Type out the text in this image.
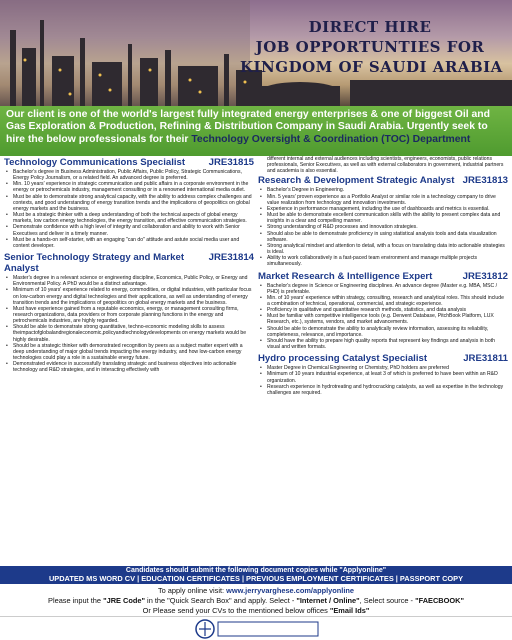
DIRECT HIRE
JOB OPPORTUNTIES FOR
KINGDOM OF SAUDI ARABIA
Our client is one of the world's largest fully integrated energy enterprises & one of biggest Oil and Gas Exploration & Production, Refining & Distribution Company in Saudi Arabia. Urgently seek to hire the below professionals for their Technology Oversight & Coordination (TOC) Department
Technology Communications Specialist JRE31815
• Bachelor's degree in Business Administration, Public Affairs, Public Policy, Strategic Communications, Energy Policy Journalism, or a related field. An advanced degree is preferred.
• Min. 10 years' experience in strategic communication and public affairs in a corporate environment in the energy or petrochemicals industry, management consulting or in a renowned international media outlet.
• Must be able to demonstrate strong analytical capacity, with the ability to address complex challenges and contexts, and good understanding of energy transition trends and the implications of geopolitics on global energy markets and the business.
• Must be a strategic thinker with a deep understanding of both the technical aspects of global energy markets, low carbon energy technologies, the energy transition, and effective communication strategies.
• Demonstrate confidence with a high level of integrity and collaboration and ability to work with Senior Executives and deliver in a timely manner.
• Must be a hands-on self-starter, with an engaging "can do" attitude and astute social media user and content developer.
Senior Technology Strategy and Market Analyst
JRE31814
• Master's degree in a relevant science or engineering discipline, Economics, Public Policy, or Energy and Environmental Policy. A PhD would be a distinct advantage.
• Minimum of 10 years' experience related to energy, commodities, or digital industries, with particular focus on low-carbon energy and digital technologies and their applications, as well as understanding of energy transition trends and the implications of geopolitics on global energy markets and the business.
• Must have experience gained from a reputable economics, energy, or management consulting firms, research organizations, data providers or from corporate planning functions in the energy and petrochemicals industries, are highly regarded.
• Should be able to demonstrate strong quantitative, techno-economic modeling skills to assess theimpactofglobalandregionaleconomic,policyandtechnologydevelopments on energy markets would be highly desirable.
• Should be a strategic thinker with demonstrated recognition by peers as a subject matter expert with a deep understanding of major global trends impacting the energy industry, and how low-carbon energy technologies could play a role in a sustainable energy future.
• Demonstrated evidence in successfully translating strategic and business objectives into actionable technology and R&D strategies, and in interacting effectively with
different internal and external audiences including scientists, engineers, economists, public relations professionals, Senior Executives, as well as with external collaborators in government, industrial partners and academia is also essential.
Research & Development Strategic Analyst JRE31813
• Bachelor's Degree in Engineering.
• Min. 5 years' proven experience as a Portfolio Analyst or similar role in a technology company to drive value realization from technology and innovation investments.
• Experience in performance management, including the use of dashboards and metrics is essential.
• Must be able to demonstrate excellent communication skills with the ability to present complex data and insights in a clear and compelling manner.
• Strong understanding of R&D processes and innovation strategies.
• Should also be able to demonstrate proficiency in using statistical analysis tools and data visualization software.
• Strong analytical mindset and attention to detail, with a focus on translating data into actionable strategies is ideal.
• Ability to work collaboratively in a fast-paced team environment and manage multiple projects simultaneously.
Market Research & Intelligence Expert	JRE31812
• Bachelor's degree in Science or Engineering disciplines. An advance degree (Master e.g. MBA, MSC / PHD) is preferable.
• Min. of 10 years' experience within strategy, consulting, research and analytical roles. This should include a combination of technical, operational, commercial, and strategic experience.
• Proficiency in qualitative and quantitative research methods, statistics, and data analysis
• Must be familiar with competitive intelligence tools (e.g. Derwent Database, PitchBook Platform, LUX Research, etc.), systems, vendors, and market advancements.
• Should be able to demonstrate the ability to analytically review information, assessing its reliability, completeness, relevance, and importance.
• Should have the ability to prepare high quality reports that represent key findings and analysis in both visual and written formats.
Hydro processing Catalyst Specialist	JRE31811
• Master Degree in Chemical Engineering or Chemistry, PhD holders are preferred
• Minimum of 10 years industrial experience, at least 3 of which is preferred to have been within an R&D organization.
• Research experience in hydrotreating and hydrocracking catalysts, as well as expertise in the technology challenges are required.
Candidates should submit the following document copies while "Applyonline"
UPDATED MS WORD CV | EDUCATION CERTIFICATES | PREVIOUS EMPLOYMENT CERTIFICATES | PASSPORT COPY
To apply online visit: www.jerryvarghese.com/applyonline
Please input the "JRE Code" in the "Quick Search Box" and apply. Select - "Internet / Online", Select source - "FAECBOOK"
Or Please send your CVs to the mentioned below offices "Email Ids"
